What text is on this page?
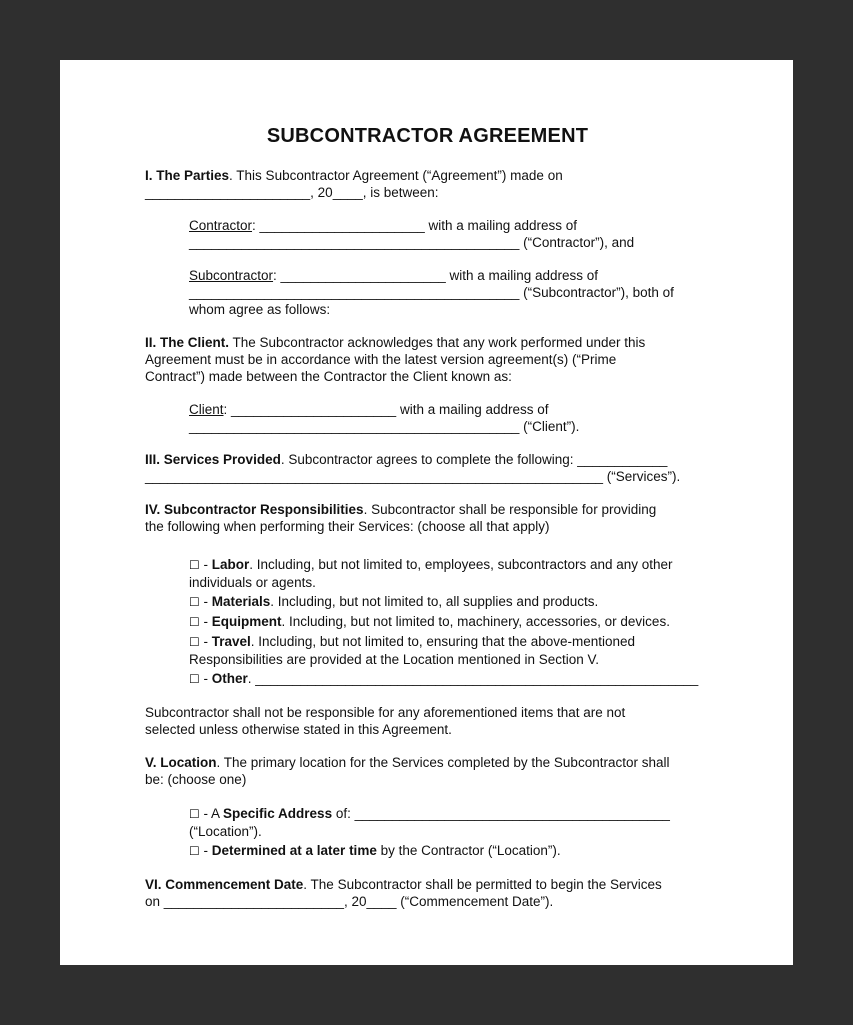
SUBCONTRACTOR AGREEMENT

I. The Parties. This Subcontractor Agreement (“Agreement”) made on

______________________, 20____, is between:

Contractor: ______________________ with a mailing address of

____________________________________________ (“Contractor”), and

Subcontractor: ______________________ with a mailing address of

____________________________________________ (“Subcontractor”), both of

whom agree as follows:

II. The Client. The Subcontractor acknowledges that any work performed under this

Agreement must be in accordance with the latest version agreement(s) (“Prime

Contract”) made between the Contractor the Client known as:

Client: ______________________ with a mailing address of

____________________________________________ (“Client”).

III. Services Provided. Subcontractor agrees to complete the following: ____________

_____________________________________________________________ (“Services”).

IV. Subcontractor Responsibilities. Subcontractor shall be responsible for providing

the following when performing their Services: (choose all that apply)

☐ - Labor. Including, but not limited to, employees, subcontractors and any other

individuals or agents.

☐ - Materials. Including, but not limited to, all supplies and products.

☐ - Equipment. Including, but not limited to, machinery, accessories, or devices.

☐ - Travel. Including, but not limited to, ensuring that the above-mentioned

Responsibilities are provided at the Location mentioned in Section V.

☐ - Other. ___________________________________________________________

Subcontractor shall not be responsible for any aforementioned items that are not

selected unless otherwise stated in this Agreement.

V. Location. The primary location for the Services completed by the Subcontractor shall

be: (choose one)

☐ - A Specific Address of: __________________________________________

(“Location”).

☐ - Determined at a later time by the Contractor (“Location”).

VI. Commencement Date. The Subcontractor shall be permitted to begin the Services

on ________________________, 20____ (“Commencement Date”).
